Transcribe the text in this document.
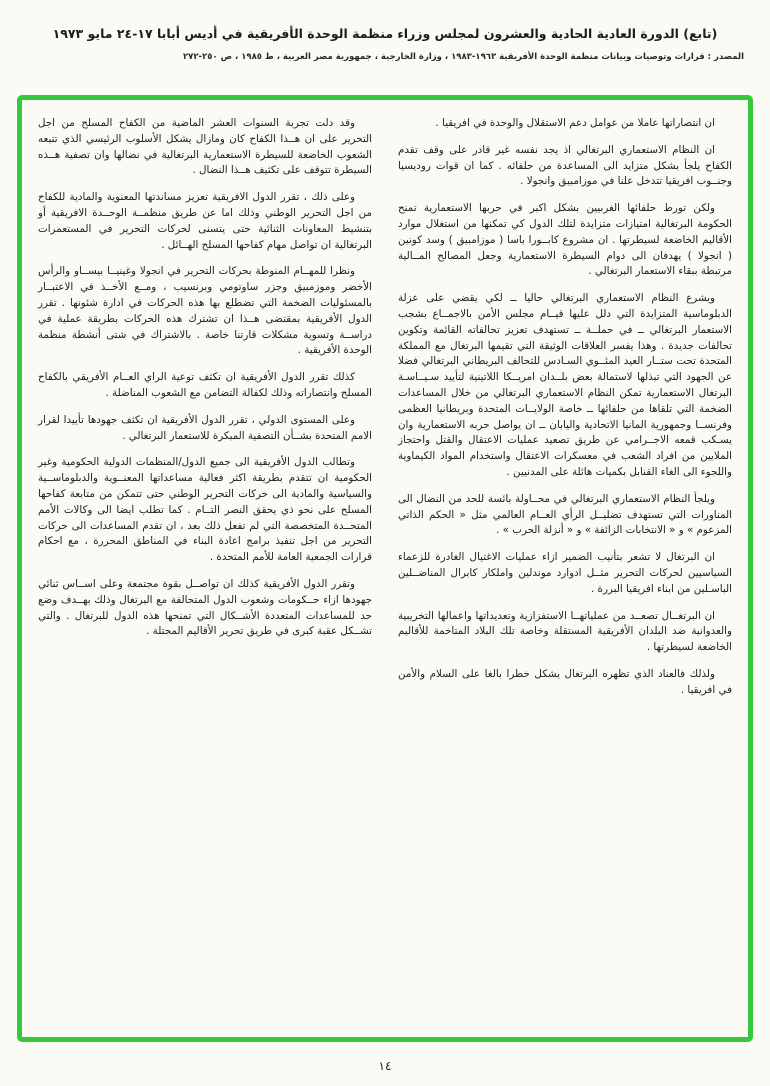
(تابع) الدورة العادية الحادية والعشرون لمجلس وزراء منظمة الوحدة الأفريقية في أديس أبابا ١٧-٢٤ مايو ١٩٧٣
المصدر : قرارات وتوصيات وبيانات منظمة الوحدة الأفريقية ١٩٦٣-١٩٨٣ ، وزارة الخارجية ، جمهورية مصر العربية ، ط ١٩٨٥ ، ص ٢٥٠-٢٧٢

ان انتصاراتها عاملا من عوامل دعم الاستقلال والوحدة في افريقيا .

ان النظام الاستعماري البرتغالي اذ يجد نفسه غير قادر على وقف تقدم الكفاح يلجأ بشكل متزايد الى المساعدة من حلفائه . كما ان قوات روديسيا وجنــوب افريقيا تتدخل علنا في موزامبيق وانجولا .

ولكن تورط حلفائها الغربيين بشكل اكبر في حربها الاستعمارية تمنح الحكومة البرتغالية امتيازات متزايدة لتلك الدول كي تمكنها من استغلال موارد الأقاليم الخاضعة لسيطرتها . ان مشروع كابــورا باسا ( موزامبيق ) وسد كونين ( انجولا ) يهدفان الى دوام السيطرة الاستعمارية وجعل المصالح المــالية مرتبطة ببقاء الاستعمار البرتغالي .

ويشرع النظام الاستعماري البرتغالي حاليا ــ لكي يقضي على عزلة الدبلوماسية المتزايدة التي دلل عليها قيــام مجلس الأمن بالاجمــاع بشجب الاستعمار البرتغالي ــ في حملــة ــ تستهدف تعزيز تحالفاته القائمة وتكوين تحالفات جديدة . وهذا يفسر العلاقات الوثيقة التي تقيمها البرتغال مع المملكة المتحدة تحت ستــار العيد المئــوي السـادس للتحالف البريطاني البرتغالي فضلا عن الجهود التي تبذلها لاستمالة بعض بلــدان امريــكا اللاتينية لتأييد سـيــاسـة البرتغال الاستعمارية تمكن النظام الاستعماري البرتغالي من خلال المساعدات الضخمة التي تلقاها من حلفائها ــ خاصة الولايــات المتحدة وبريطانيا العظمى وفرنســا وجمهورية المانيا الاتحادية واليابان ــ ان يواصل حربه الاستعمارية وان يسـكب قمعه الاجــرامي عن طريق تصعيد عمليات الاعتقال والقتل واحتجاز الملايين من افراد الشعب في معسكرات الاعتقال واستخدام المواد الكيماوية واللجوء الى الغاء القنابل بكميات هائلة على المدنيين .

ويلجأ النظام الاستعماري البرتغالي في محــاولة بائسة للحد من النضال الى المناورات التي تستهدف تضليــل الرأي العــام العالمي مثل « الحكم الذاتي المزعوم » و « الانتخابات الزائفة » و « أنزلة الحرب » .

ان البرتغال لا تشعر بتأنيب الضمير ازاء عمليات الاغتيال الغادرة للزعماء السياسيين لحركات التحرير مثــل ادوارد موندلين واملكار كابرال المناضــلين الباسـلين من ابناء افريقيا البررة .

ان البرتغــال تصعــد من عملياتهــا الاستفزازية وتعديداتها واعمالها التخريبية والعدوانية ضد البلدان الأفريقية المستقلة وخاصة تلك البلاد المتاخمة للأقاليم الخاضعة لسيطرتها .

ولذلك فالعناد الذي تظهره البرتغال يشكل خطرا بالغا على السلام والأمن في افريقيا .

وقد دلت تجربة السنوات العشر الماضية من الكفاح المسلح من اجل التحرير على ان هــذا الكفاح كان ومازال يشكل الأسلوب الرئيسي الذي تتبعه الشعوب الخاضعة للسيطرة الاستعمارية البرتغالية في نضالها وان تصفية هــذه السيطرة تتوقف على تكثيف هــذا النضال .

وعلى ذلك ، تقرر الدول الافريقية تعزيز مساندتها المعنوية والمادية للكفاح من اجل التحرير الوطني وذلك اما عن طريق منظمــة الوحــدة الافريقية أو بتنشيط المعاونات الثنائية حتى يتسنى لحركات التحرير في المستعمرات البرتغالية ان تواصل مهام كفاحها المسلح الهــائل .

ونظرا للمهــام المنوطة بحركات التحرير في انجولا وغينيــا بيســاو والرأس الأخضر وموزمبيق وجزر ساوتومي وبرنسيب ، ومــع الأخــذ في الاعتبــار بالمسئوليات الضخمة التي تضطلع بها هذه الحركات في ادارة شئونها . تقرر الدول الأفريقية بمقتضى هــذا ان تشترك هذه الحركات بطريقة عملية في دراســة وتسوية مشكلات قارتنا خاصة . بالاشتراك في شتى أنشطة منظمة الوحدة الأفريقية .

كذلك تقرر الدول الأفريقية ان تكثف توعية الراي العــام الأفريقي بالكفاح المسلح وانتصاراته وذلك لكفالة التضامن مع الشعوب المناضلة .

وعلى المستوى الدولي ، تقرر الدول الأفريقية ان تكثف جهودها تأييدا لقرار الامم المتحدة بشــأن التصفية المبكرة للاستعمار البرتغالي .

وتطالب الدول الأفريقية الى جميع الدول/المنظمات الدولية الحكومية وغير الحكومية ان تتقدم بطريقة اكثر فعالية مساعداتها المعنــوية والدبلوماســية والسياسية والمادية الى حركات التحرير الوطني حتى تتمكن من متابعة كفاحها المسلح على نحو ذي يحقق النصر التــام . كما تطلب ايضا الى وكالات الأمم المتحــدة المتخصصة التي لم تفعل ذلك بعد ، ان تقدم المساعدات الى حركات التحرير من اجل تنفيذ برامج اعادة البناء في المناطق المحررة ، مع احكام قرارات الجمعية العامة للأمم المتحدة .

وتقرر الدول الأفريقية كذلك ان تواصــل بقوة مجتمعة وعلى اســاس ثنائي جهودها ازاء حــكومات وشعوب الدول المتحالفة مع البرتغال وذلك بهــدف وضع حد للمساعدات المتعددة الأشــكال التي تمنحها هذه الدول للبرتغال . والتي تشــكل عقبة كبرى في طريق تحرير الأقاليم المحتلة .

١٤
